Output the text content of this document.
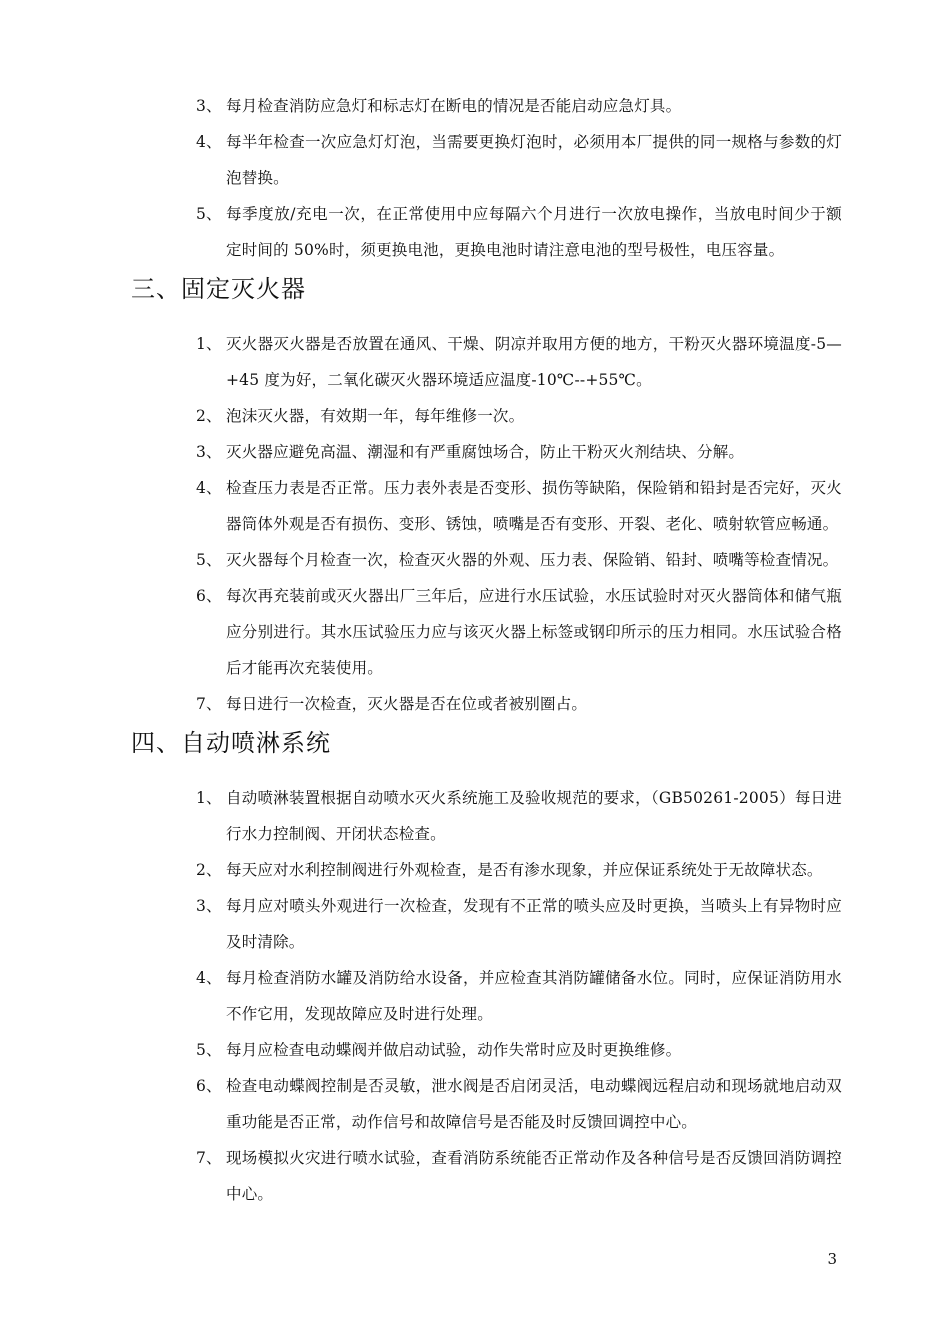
3、 每月检查消防应急灯和标志灯在断电的情况是否能启动应急灯具。
4、 每半年检查一次应急灯灯泡，当需要更换灯泡时，必须用本厂提供的同一规格与参数的灯泡替换。
5、 每季度放/充电一次，在正常使用中应每隔六个月进行一次放电操作，当放电时间少于额定时间的 50%时，须更换电池，更换电池时请注意电池的型号极性，电压容量。
三、固定灭火器
1、 灭火器灭火器是否放置在通风、干燥、阴凉并取用方便的地方，干粉灭火器环境温度-5—+45 度为好，二氧化碳灭火器环境适应温度-10℃--+55℃。
2、 泡沫灭火器，有效期一年，每年维修一次。
3、 灭火器应避免高温、潮湿和有严重腐蚀场合，防止干粉灭火剂结块、分解。
4、 检查压力表是否正常。压力表外表是否变形、损伤等缺陷，保险销和铅封是否完好，灭火器筒体外观是否有损伤、变形、锈蚀，喷嘴是否有变形、开裂、老化、喷射软管应畅通。
5、 灭火器每个月检查一次，检查灭火器的外观、压力表、保险销、铅封、喷嘴等检查情况。
6、 每次再充装前或灭火器出厂三年后，应进行水压试验，水压试验时对灭火器筒体和储气瓶应分别进行。其水压试验压力应与该灭火器上标签或钢印所示的压力相同。水压试验合格后才能再次充装使用。
7、 每日进行一次检查，灭火器是否在位或者被别圈占。
四、自动喷淋系统
1、 自动喷淋装置根据自动喷水灭火系统施工及验收规范的要求，（GB50261-2005）每日进行水力控制阀、开闭状态检查。
2、 每天应对水利控制阀进行外观检查，是否有渗水现象，并应保证系统处于无故障状态。
3、 每月应对喷头外观进行一次检查，发现有不正常的喷头应及时更换，当喷头上有异物时应及时清除。
4、 每月检查消防水罐及消防给水设备，并应检查其消防罐储备水位。同时，应保证消防用水不作它用，发现故障应及时进行处理。
5、 每月应检查电动蝶阀并做启动试验，动作失常时应及时更换维修。
6、 检查电动蝶阀控制是否灵敏，泄水阀是否启闭灵活，电动蝶阀远程启动和现场就地启动双重功能是否正常，动作信号和故障信号是否能及时反馈回调控中心。
7、 现场模拟火灾进行喷水试验，查看消防系统能否正常动作及各种信号是否反馈回消防调控中心。
3
